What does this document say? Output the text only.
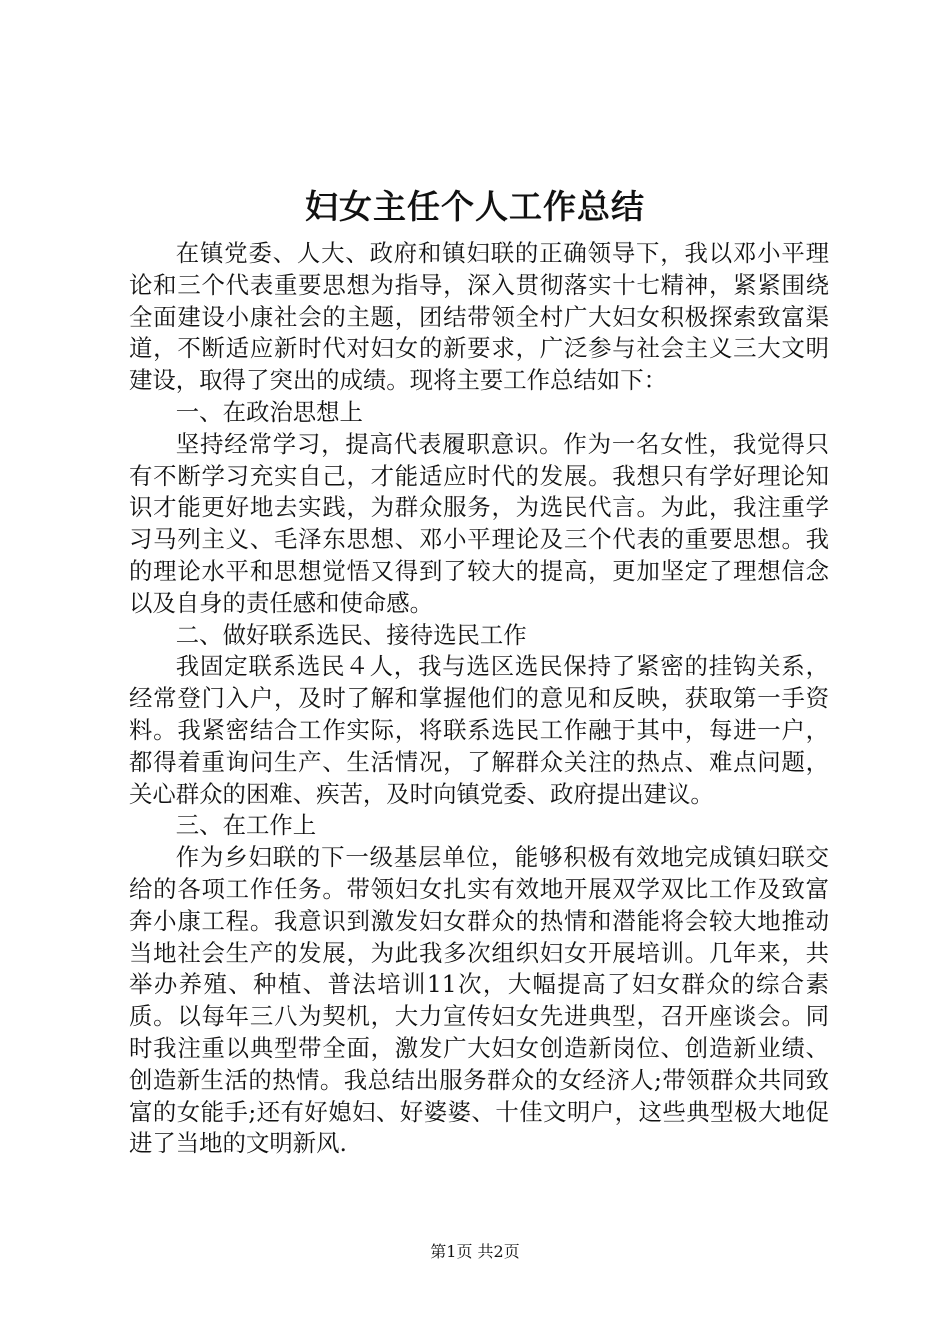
妇女主任个人工作总结

在镇党委、人大、政府和镇妇联的正确领导下，我以邓小平理论和三个代表重要思想为指导，深入贯彻落实十七精神，紧紧围绕全面建设小康社会的主题，团结带领全村广大妇女积极探索致富渠道，不断适应新时代对妇女的新要求，广泛参与社会主义三大文明建设，取得了突出的成绩。现将主要工作总结如下：

一、在政治思想上

坚持经常学习，提高代表履职意识。作为一名女性，我觉得只有不断学习充实自己，才能适应时代的发展。我想只有学好理论知识才能更好地去实践，为群众服务，为选民代言。为此，我注重学习马列主义、毛泽东思想、邓小平理论及三个代表的重要思想。我的理论水平和思想觉悟又得到了较大的提高，更加坚定了理想信念以及自身的责任感和使命感。

二、做好联系选民、接待选民工作

我固定联系选民４人，我与选区选民保持了紧密的挂钩关系，经常登门入户，及时了解和掌握他们的意见和反映，获取第一手资料。我紧密结合工作实际，将联系选民工作融于其中，每进一户，都得着重询问生产、生活情况，了解群众关注的热点、难点问题，关心群众的困难、疾苦，及时向镇党委、政府提出建议。

三、在工作上

作为乡妇联的下一级基层单位，能够积极有效地完成镇妇联交给的各项工作任务。带领妇女扎实有效地开展双学双比工作及致富奔小康工程。我意识到激发妇女群众的热情和潜能将会较大地推动当地社会生产的发展，为此我多次组织妇女开展培训。几年来，共举办养殖、种植、普法培训11次，大幅提高了妇女群众的综合素质。以每年三八为契机，大力宣传妇女先进典型，召开座谈会。同时我注重以典型带全面，激发广大妇女创造新岗位、创造新业绩、创造新生活的热情。我总结出服务群众的女经济人;带领群众共同致富的女能手;还有好媳妇、好婆婆、十佳文明户，这些典型极大地促进了当地的文明新风.

第1页 共2页
